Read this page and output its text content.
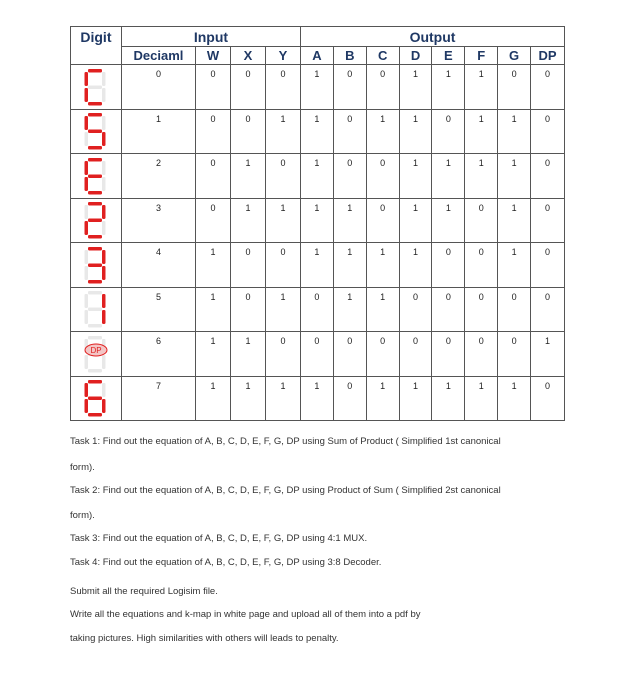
Digit	Input				Output							
	Deciaml	W	X	Y	A	B	C	D	E	F	G	DP

	0	0	0	0	1	0	0	1	1	1	0	0

	1	0	0	1	1	0	1	1	0	1	1	0

	2	0	1	0	1	0	0	1	1	1	1	0

	3	0	1	1	1	1	0	1	1	0	1	0

	4	1	0	0	1	1	1	1	0	0	1	0

	5	1	0	1	0	1	1	0	0	0	0	0

DP	6	1	1	0	0	0	0	0	0	0	0	1

	7	1	1	1	1	0	1	1	1	1	1	0
Task 1: Find out the equation of A, B, C, D, E, F, G, DP using Sum of Product ( Simplified 1st canonical
form).
Task 2: Find out the equation of A, B, C, D, E, F, G, DP using Product of Sum ( Simplified 2st canonical
form).
Task 3: Find out the equation of A, B, C, D, E, F, G, DP using 4:1 MUX.
Task 4: Find out the equation of A, B, C, D, E, F, G, DP using 3:8 Decoder.
Submit all the required Logisim file.
Write all the equations and k-map in white page and upload all of them into a pdf by
taking pictures. High similarities with others will leads to penalty.
